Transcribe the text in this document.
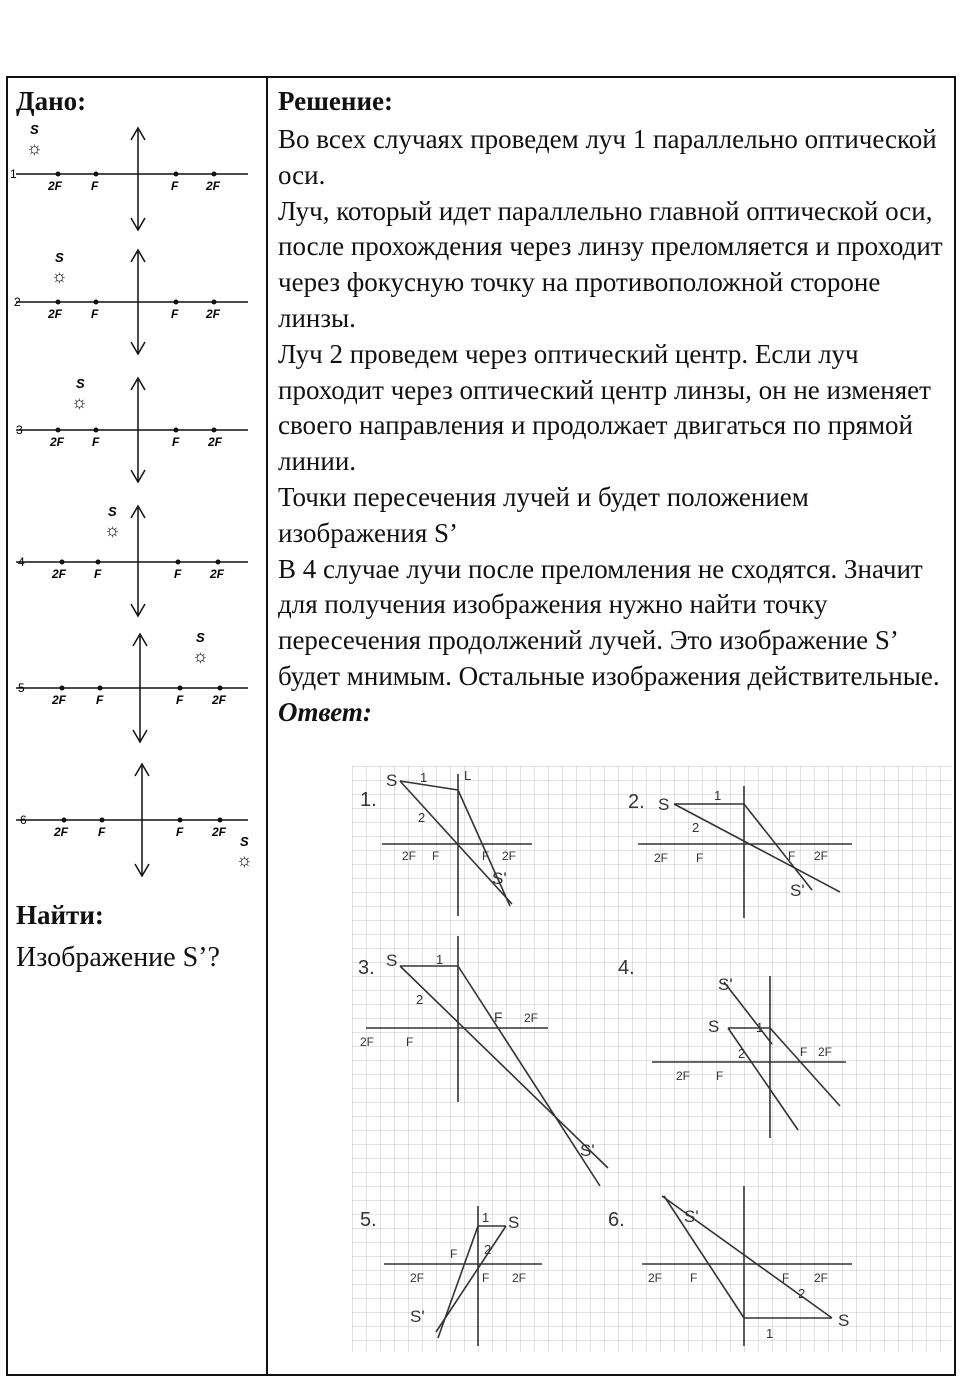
Дано:
1
2F F	F 2F
S
☼
2
2F F	F 2F
S
☼
3
2F F	F 2F
S
☼
4
2F F	F 2F
S
☼
5
2F F	F 2F
S
☼
6
2F F	F 2F
S
☼
Найти:
Изображение S’?
Решение:

Во всех случаях проведем луч 1 параллельно оптической оси.

Луч, который идет параллельно главной оптической оси, после прохождения через линзу преломляется и проходит через фокусную точку на противоположной стороне линзы.

Луч 2 проведем через оптический центр. Если луч проходит через оптический центр линзы, он не изменяет своего направления и продолжает двигаться по прямой линии.

Точки пересечения лучей и будет положением изображения S’

В 4 случае лучи после преломления не сходятся. Значит для получения изображения нужно найти точку пересечения продолжений лучей. Это изображение S’ будет мнимым. Остальные изображения действительные.

Ответ:
1.
S 1
2
L
2F F	F 2F
S'
2. S	1
2
2F F	F 2F
S'
3. S	1
2
2F	F
F 2F
S'
4.
S'
S	1
2
2F F
F 2F
5.	S
1
2
2F
F
F 2F
S'
6.	S'
S
1
2
2F F	F 2F
